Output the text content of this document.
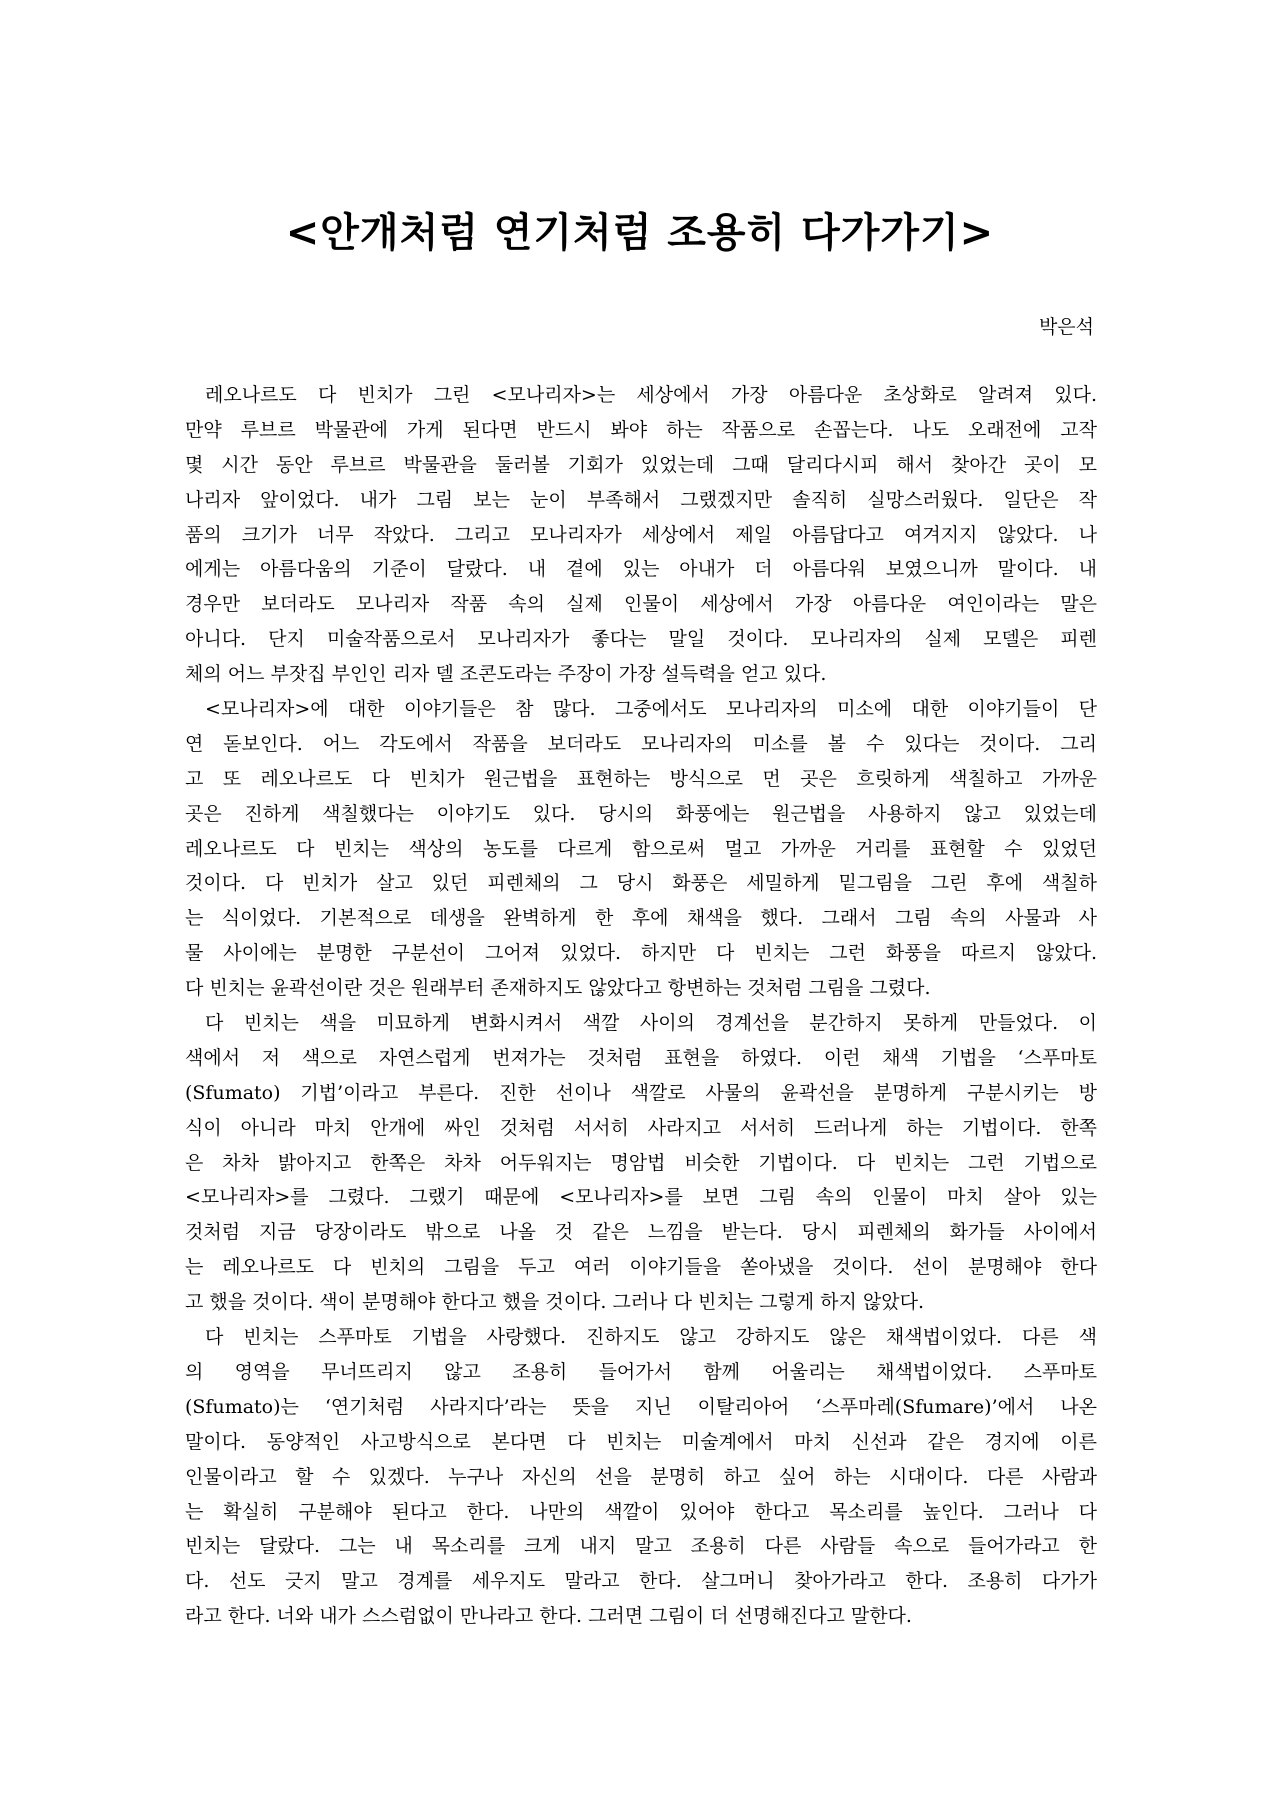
<안개처럼 연기처럼 조용히 다가가기>
박은석
레오나르도 다 빈치가 그린 <모나리자>는 세상에서 가장 아름다운 초상화로 알려져 있다.
만약 루브르 박물관에 가게 된다면 반드시 봐야 하는 작품으로 손꼽는다. 나도 오래전에 고작
몇 시간 동안 루브르 박물관을 둘러볼 기회가 있었는데 그때 달리다시피 해서 찾아간 곳이 모
나리자 앞이었다. 내가 그림 보는 눈이 부족해서 그랬겠지만 솔직히 실망스러웠다. 일단은 작
품의 크기가 너무 작았다. 그리고 모나리자가 세상에서 제일 아름답다고 여겨지지 않았다. 나
에게는 아름다움의 기준이 달랐다. 내 곁에 있는 아내가 더 아름다워 보였으니까 말이다. 내
경우만 보더라도 모나리자 작품 속의 실제 인물이 세상에서 가장 아름다운 여인이라는 말은
아니다. 단지 미술작품으로서 모나리자가 좋다는 말일 것이다. 모나리자의 실제 모델은 피렌
체의 어느 부잣집 부인인 리자 델 조콘도라는 주장이 가장 설득력을 얻고 있다.
<모나리자>에 대한 이야기들은 참 많다. 그중에서도 모나리자의 미소에 대한 이야기들이 단
연 돋보인다. 어느 각도에서 작품을 보더라도 모나리자의 미소를 볼 수 있다는 것이다. 그리
고 또 레오나르도 다 빈치가 원근법을 표현하는 방식으로 먼 곳은 흐릿하게 색칠하고 가까운
곳은 진하게 색칠했다는 이야기도 있다. 당시의 화풍에는 원근법을 사용하지 않고 있었는데
레오나르도 다 빈치는 색상의 농도를 다르게 함으로써 멀고 가까운 거리를 표현할 수 있었던
것이다. 다 빈치가 살고 있던 피렌체의 그 당시 화풍은 세밀하게 밑그림을 그린 후에 색칠하
는 식이었다. 기본적으로 데생을 완벽하게 한 후에 채색을 했다. 그래서 그림 속의 사물과 사
물 사이에는 분명한 구분선이 그어져 있었다. 하지만 다 빈치는 그런 화풍을 따르지 않았다.
다 빈치는 윤곽선이란 것은 원래부터 존재하지도 않았다고 항변하는 것처럼 그림을 그렸다.
다 빈치는 색을 미묘하게 변화시켜서 색깔 사이의 경계선을 분간하지 못하게 만들었다. 이
색에서 저 색으로 자연스럽게 번져가는 것처럼 표현을 하였다. 이런 채색 기법을 ‘스푸마토
(Sfumato) 기법’이라고 부른다. 진한 선이나 색깔로 사물의 윤곽선을 분명하게 구분시키는 방
식이 아니라 마치 안개에 싸인 것처럼 서서히 사라지고 서서히 드러나게 하는 기법이다. 한쪽
은 차차 밝아지고 한쪽은 차차 어두워지는 명암법 비슷한 기법이다. 다 빈치는 그런 기법으로
<모나리자>를 그렸다. 그랬기 때문에 <모나리자>를 보면 그림 속의 인물이 마치 살아 있는
것처럼 지금 당장이라도 밖으로 나올 것 같은 느낌을 받는다. 당시 피렌체의 화가들 사이에서
는 레오나르도 다 빈치의 그림을 두고 여러 이야기들을 쏟아냈을 것이다. 선이 분명해야 한다
고 했을 것이다. 색이 분명해야 한다고 했을 것이다. 그러나 다 빈치는 그렇게 하지 않았다.
다 빈치는 스푸마토 기법을 사랑했다. 진하지도 않고 강하지도 않은 채색법이었다. 다른 색
의 영역을 무너뜨리지 않고 조용히 들어가서 함께 어울리는 채색법이었다. 스푸마토
(Sfumato)는 ‘연기처럼 사라지다’라는 뜻을 지닌 이탈리아어 ‘스푸마레(Sfumare)’에서 나온
말이다. 동양적인 사고방식으로 본다면 다 빈치는 미술계에서 마치 신선과 같은 경지에 이른
인물이라고 할 수 있겠다. 누구나 자신의 선을 분명히 하고 싶어 하는 시대이다. 다른 사람과
는 확실히 구분해야 된다고 한다. 나만의 색깔이 있어야 한다고 목소리를 높인다. 그러나 다
빈치는 달랐다. 그는 내 목소리를 크게 내지 말고 조용히 다른 사람들 속으로 들어가라고 한
다. 선도 긋지 말고 경계를 세우지도 말라고 한다. 살그머니 찾아가라고 한다. 조용히 다가가
라고 한다. 너와 내가 스스럼없이 만나라고 한다. 그러면 그림이 더 선명해진다고 말한다.
